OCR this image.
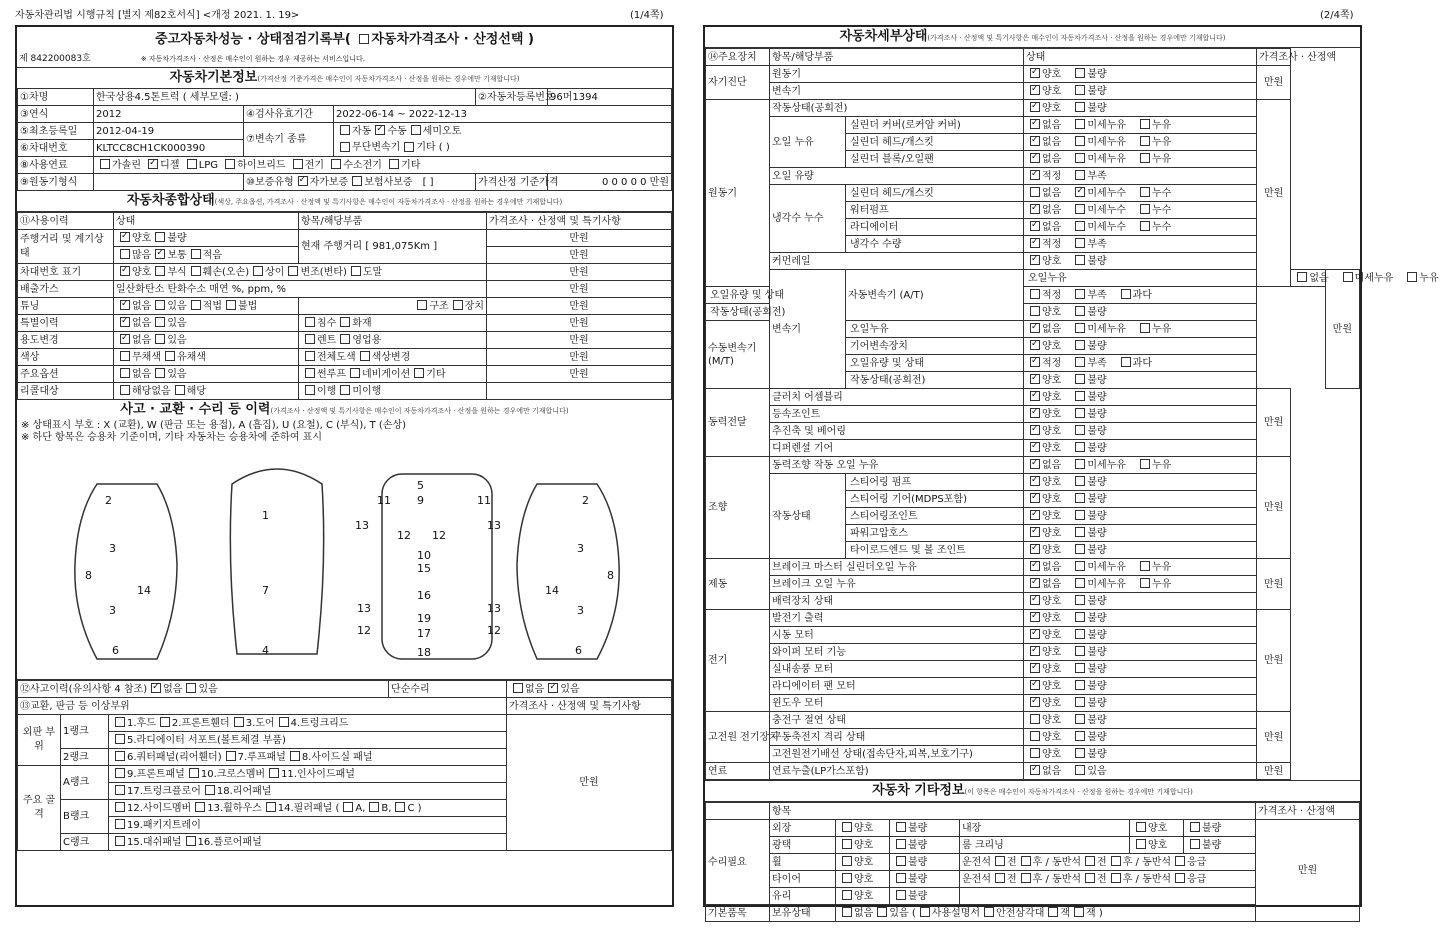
자동차관리법 시행규칙 [별지 제82호서식] <개정 2021. 1. 19>	(1/4쪽)	(2/4쪽)
중고자동차성능 · 상태점검기록부( 자동차가격조사 · 산정선택 )
제 842200083호	※ 자동차가격조사 · 산정은 매수인이 원하는 경우 제공하는 서비스입니다.
자동차기본정보(가격산정 기준가격은 매수인이 자동차가격조사 · 산정을 원하는 경우에만 기재합니다)
①차명	한국상용4.5톤트럭 ( 세부모델: )			②자동차등록번호	96머1394
③연식	2012	④검사유효기간	2022-06-14 ~ 2022-12-13		
⑤최초등록일	2012-04-19	⑦변속기 종류	자동 ✓ 수동 세미오토
⑥차대번호	KLTCC8CH1CK000390		무단변속기 기타 ( )		
⑧사용연료	가솔린 ✓ 디젤 LPG 하이브리드 전기 수소전기 기타
⑨원동기형식		⑩보증유형 ✓ 자가보증 보험사보증 [ ]		가격산정 기준가격	0 0 0 0 0 만원
자동차종합상태(색상, 주요옵션, 가격조사 · 산정액 및 특기사항은 매수인이 자동차가격조사 · 산정을 원하는 경우에만 기재합니다)
⑪사용이력	상태	항목/해당부품	가격조사 · 산정액 및 특기사항
주행거리 및 계기상태	✓양호 불량	현재 주행거리 [ 981,075Km ]	만원
	많음 ✓ 보통 적음		만원
차대번호 표기	✓양호 부식 훼손(오손) 상이 변조(변타) 도말		만원
배출가스	일산화탄소 탄화수소 매연 %, ppm, %		만원
튜닝	✓없음 있음 적법 불법	구조 장치	만원
특별이력	✓없음 있음	침수 화재	만원
용도변경	✓없음 있음	렌트 영업용	만원
색상	무채색 유채색	전체도색 색상변경	만원
주요옵션	없음 있음	썬루프 네비게이션 기타	만원
리콜대상	해당없음 해당	이행 미이행	
사고 · 교환 · 수리 등 이력(가격조사 · 산정액 및 특기사항은 매수인이 자동차가격조사 · 산정을 원하는 경우에만 기재합니다)
※ 상태표시 부호 : X (교환), W (판금 또는 용접), A (흠집), U (요철), C (부식), T (손상)
※ 하단 항목은 승용차 기준이며, 기타 자동차는 승용차에 준하여 표시
2
3
3
8
14
6
1
7
4
5
9
11	11
13	13
12 12
10
15
16
13	13
19
12	12
17
18
2
3
3
8
14
6
⑫사고이력(유의사항 4 참조) ✓ 없음 있음			단순수리	없음 ✓ 있음
⑬교환, 판금 등 이상부위				가격조사 · 산정액 및 특기사항
외판 부위	1랭크	1.후드 2.프론트휀더 3.도어 4.트렁크리드		만원
		5.라디에이터 서포트(볼트체결 부품)		
	2랭크	6.쿼터패널(리어휀더) 7.루프패널 8.사이드실 패널		
주요 골격	A랭크	9.프론트패널 10.크로스멤버 11.인사이드패널		
		17.트렁크플로어 18.리어패널		
	B랭크	12.사이드멤버 13.휠하우스 14.필러패널 ( A, B, C )		
		19.패키지트레이		
	C랭크	15.대쉬패널 16.플로어패널		
자동차세부상태(가격조사 · 산정액 및 특기사항은 매수인이 자동차가격조사 · 산정을 원하는 경우에만 기재합니다)
⑭주요장치	항목/해당부품		상태	가격조사 · 산정액		
자기진단	원동기	✓양호 불량	만원		
	변속기	✓양호 불량
원동기	작동상태(공회전)	✓양호 불량	만원		
	오일 누유	실린더 커버(로커암 커버)	✓없음 미세누유 누유
		실린더 헤드/개스킷	✓없음 미세누유 누유
		실린더 블록/오일팬	✓없음 미세누유 누유
	오일 유량	✓적정 부족
	냉각수 누수	실린더 헤드/개스킷	없음 ✓ 미세누수 누수
		워터펌프	✓없음 미세누수 누수
		라디에이터	✓없음 미세누수 누수
		냉각수 수량	✓적정 부족
	커먼레일	✓양호 불량
	변속기	자동변속기 (A/T)	오일누유		없음 미세누유 누유	만원
오일유량 및 상태			적정 부족 과다			
작동상태(공회전)			양호 불량			
수동변속기 (M/T)		오일누유	✓없음 미세누유 누유
		기어변속장치	✓양호 불량
		오일유량 및 상태	✓적정 부족 과다
		작동상태(공회전)	✓양호 불량
동력전달	클러치 어셈블리	✓양호 불량	만원		
	등속조인트	✓양호 불량
	추진축 및 베어링	✓양호 불량
	디퍼렌셜 기어	✓양호 불량
조향	동력조향 작동 오일 누유	✓없음 미세누유 누유	만원		
	작동상태	스티어링 펌프	✓양호 불량
		스티어링 기어(MDPS포함)	✓양호 불량
		스티어링조인트	✓양호 불량
		파워고압호스	✓양호 불량
		타이로드엔드 및 볼 조인트	✓양호 불량
제동	브레이크 마스터 실린더오일 누유	✓없음 미세누유 누유	만원		
	브레이크 오일 누유	✓없음 미세누유 누유
	배력장치 상태	✓양호 불량
전기	발전기 출력	✓양호 불량	만원		
	시동 모터	✓양호 불량
	와이퍼 모터 기능	✓양호 불량
	실내송풍 모터	✓양호 불량
	라디에이터 팬 모터	✓양호 불량
	윈도우 모터	✓양호 불량
고전원 전기장치	충전구 절연 상태		양호 불량	만원		
	구동축전지 격리 상태		양호 불량			
	고전원전기배선 상태(접속단자,피복,보호기구)		양호 불량			
연료	연료누출(LP가스포함)	✓없음 있음	만원		
자동차 기타정보(이 항목은 매수인이 자동차가격조사 · 산정을 원하는 경우에만 기재합니다)
	항목						가격조사 · 산정액
수리필요	외장	양호	불량	내장	양호	불량	만원
	광택	양호	불량	룸 크리닝	양호	불량	
	휠	양호	불량	운전석 전 후 / 동반석 전 후 / 동반석 응급			
	타이어	양호	불량	운전석 전 후 / 동반석 전 후 / 동반석 응급			
	유리	양호	불량				
기본품목	보유상태	없음 있음 ( 사용설명서 안전삼각대 잭 잭 )					
